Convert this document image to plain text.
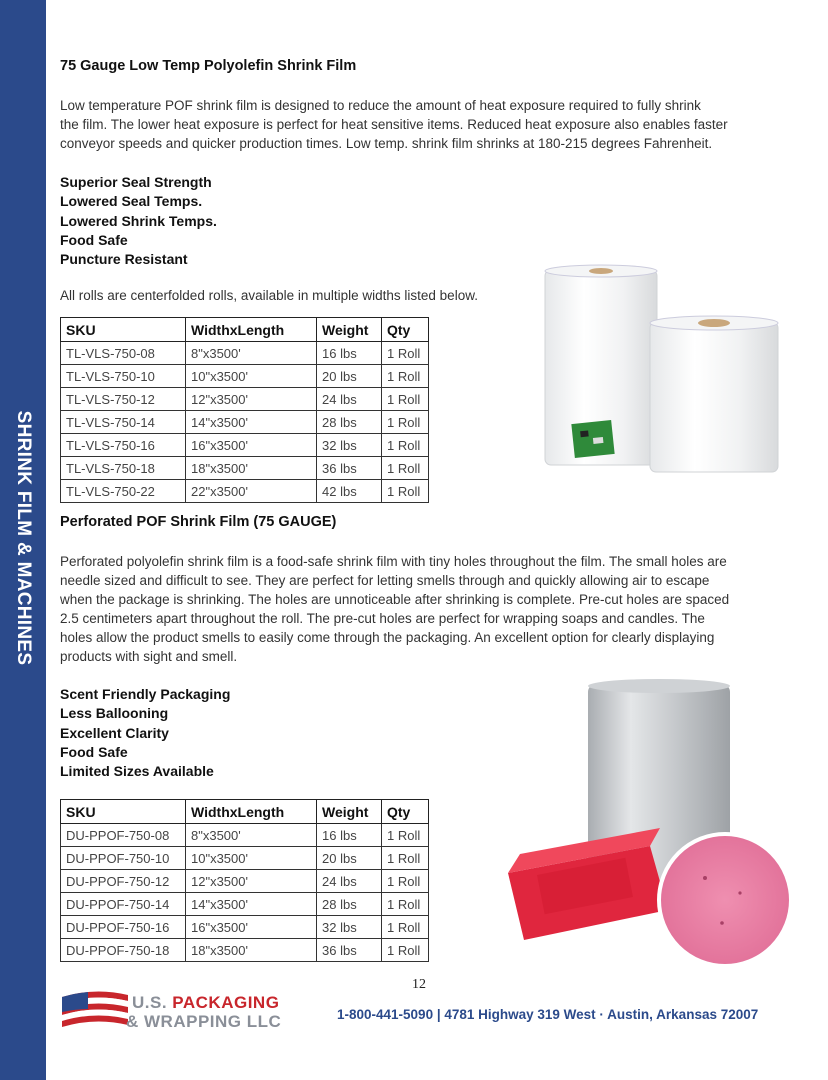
SHRINK FILM & MACHINES
75 Gauge Low Temp Polyolefin Shrink Film

Low temperature POF shrink film is designed to reduce the amount of heat exposure required to fully shrink

the film. The lower heat exposure is perfect for heat sensitive items. Reduced heat exposure also enables faster

conveyor speeds and quicker production times. Low temp. shrink film shrinks at 180-215 degrees Fahrenheit.

Superior Seal Strength
Lowered Seal Temps.
Lowered Shrink Temps.
Food Safe
Puncture Resistant

All rolls are centerfolded rolls, available in multiple widths listed below.

SKU	WidthxLength	Weight	Qty
TL-VLS-750-08	8"x3500'	16 lbs	1 Roll
TL-VLS-750-10	10"x3500'	20 lbs	1 Roll
TL-VLS-750-12	12"x3500'	24 lbs	1 Roll
TL-VLS-750-14	14"x3500'	28 lbs	1 Roll
TL-VLS-750-16	16"x3500'	32 lbs	1 Roll
TL-VLS-750-18	18"x3500'	36 lbs	1 Roll
TL-VLS-750-22	22"x3500'	42 lbs	1 Roll
Perforated POF Shrink Film (75 GAUGE)

Perforated polyolefin shrink film is a food-safe shrink film with tiny holes throughout the film. The small holes are

needle sized and difficult to see. They are perfect for letting smells through and quickly allowing air to escape

when the package is shrinking. The holes are unnoticeable after shrinking is complete. Pre-cut holes are spaced

2.5 centimeters apart throughout the roll. The pre-cut holes are perfect for wrapping soaps and candles. The

holes allow the product smells to easily come through the packaging. An excellent option for clearly displaying

products with sight and smell.

Scent Friendly Packaging
Less Ballooning
Excellent Clarity
Food Safe
Limited Sizes Available
SKU	WidthxLength	Weight	Qty
DU-PPOF-750-08	8"x3500'	16 lbs	1 Roll
DU-PPOF-750-10	10"x3500'	20 lbs	1 Roll
DU-PPOF-750-12	12"x3500'	24 lbs	1 Roll
DU-PPOF-750-14	14"x3500'	28 lbs	1 Roll
DU-PPOF-750-16	16"x3500'	32 lbs	1 Roll
DU-PPOF-750-18	18"x3500'	36 lbs	1 Roll
12
U.S. PACKAGING
& WRAPPING LLC	1-800-441-5090 | 4781 Highway 319 West · Austin, Arkansas 72007
